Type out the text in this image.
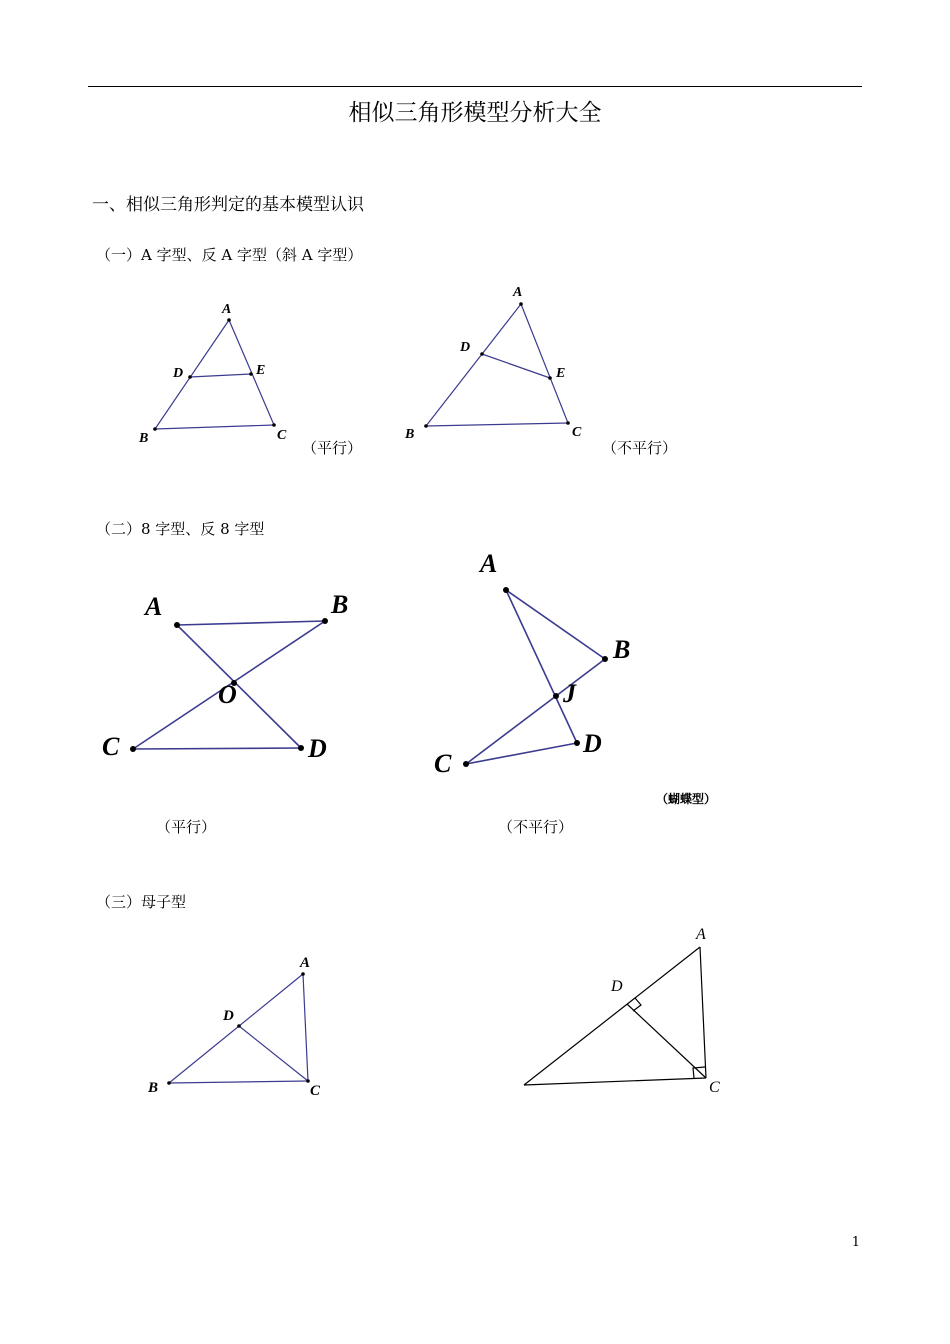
相似三角形模型分析大全
一、相似三角形判定的基本模型认识
（一）A 字型、反 A 字型（斜 A 字型）
A
D	E
B	C
A
D
E
B	C
（平行）	（不平行）
（二）8 字型、反 8 字型
A	B
O
C	D
A
B
J
C
D
（蝴蝶型）
（平行）	（不平行）
（三）母子型
A
D
B	C
A
D
C
1
